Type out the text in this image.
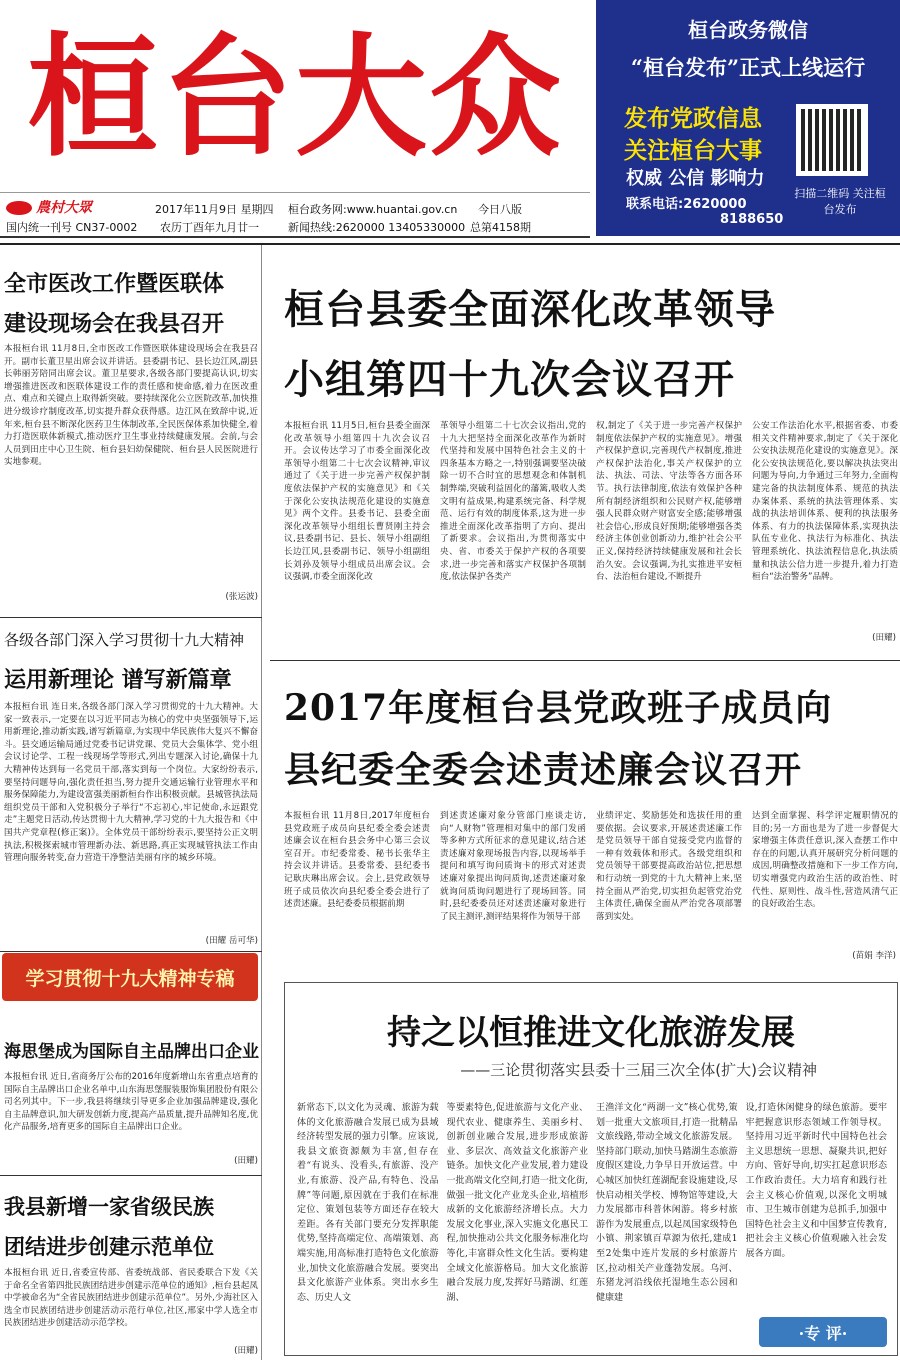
桓台大众
農村大眾
国内统一刊号 CN37-0002
2017年11月9日 星期四
农历丁酉年九月廿一
桓台政务网:www.huantai.gov.cn
新闻热线:2620000 13405330000
今日八版
总第4158期
桓台政务微信
“桓台发布”正式上线运行
发布党政信息
关注桓台大事
权威 公信 影响力
联系电话:2620000
8188650
扫描二维码 关注桓台发布
全市医改工作暨医联体
建设现场会在我县召开
本报桓台讯 11月8日,全市医改工作暨医联体建设现场会在我县召开。副市长董卫星出席会议并讲话。县委副书记、县长边江风,副县长韩丽芳陪同出席会议。董卫星要求,各级各部门要提高认识,切实增强推进医改和医联体建设工作的责任感和使命感,着力在医改重点、难点和关键点上取得新突破。要持续深化公立医院改革,加快推进分级诊疗制度改革,切实提升群众获得感。边江风在致辞中说,近年来,桓台县不断深化医药卫生体制改革,全民医保体系加快健全,着力打造医联体新模式,推动医疗卫生事业持续健康发展。会前,与会人员到田庄中心卫生院、桓台县妇幼保健院、桓台县人民医院进行实地参观。
(张运波)
各级各部门深入学习贯彻十九大精神
运用新理论 谱写新篇章
本报桓台讯 连日来,各级各部门深入学习贯彻党的十九大精神。大家一致表示,一定要在以习近平同志为核心的党中央坚强领导下,运用新理论,推动新实践,谱写新篇章,为实现中华民族伟大复兴不懈奋斗。县交通运输局通过党委书记讲党课、党员大会集体学、党小组会议讨论学、工程一线现场学等形式,列出专题深入讨论,确保十九大精神传达到每一名党员干部,落实到每一个岗位。大家纷纷表示,要坚持问题导向,强化责任担当,努力提升交通运输行业管理水平和服务保障能力,为建设富强美丽新桓台作出积极贡献。县城管执法局组织党员干部和入党积极分子举行“不忘初心,牢记使命,永远跟党走”主题党日活动,传达贯彻十九大精神,学习党的十九大报告和《中国共产党章程(修正案)》。全体党员干部纷纷表示,要坚持公正文明执法,积极探索城市管理新办法、新思路,真正实现城管执法工作由管理向服务转变,奋力营造干净整洁美丽有序的城乡环境。
(田耀 岳可华)
海思堡成为国际自主品牌出口企业
本报桓台讯 近日,省商务厅公布的2016年度新增山东省重点培育的国际自主品牌出口企业名单中,山东海思堡服装服饰集团股份有限公司名列其中。下一步,我县将继续引导更多企业加强品牌建设,强化自主品牌意识,加大研发创新力度,提高产品质量,提升品牌知名度,优化产品服务,培育更多的国际自主品牌出口企业。
(田耀)
我县新增一家省级民族
团结进步创建示范单位
本报桓台讯 近日,省委宣传部、省委统战部、省民委联合下发《关于命名全省第四批民族团结进步创建示范单位的通知》,桓台县起凤中学被命名为“全省民族团结进步创建示范单位”。另外,少海社区入选全市民族团结进步创建活动示范行单位,社区,邢家中学人选全市民族团结进步创建活动示范学校。
(田耀)
学习贯彻十九大精神专稿
桓台县委全面深化改革领导
小组第四十九次会议召开
本报桓台讯 11月5日,桓台县委全面深化改革领导小组第四十九次会议召开。会议传达学习了市委全面深化改革领导小组第二十七次会议精神,审议通过了《关于进一步完善产权保护制度依法保护产权的实施意见》和《关于深化公安执法规范化建设的实施意见》两个文件。县委书记、县委全面深化改革领导小组组长曹贤刚主持会议,县委副书记、县长、领导小组副组长边江风,县委副书记、领导小组副组长刘孙及领导小组成员出席会议。会议强调,市委全面深化改
革领导小组第二十七次会议指出,党的十九大把坚持全面深化改革作为新时代坚持和发展中国特色社会主义的十四条基本方略之一,特别强调要坚决破除一切不合时宜的思想观念和体制机制弊端,突破利益固化的藩篱,吸收人类文明有益成果,构建系统完备、科学规范、运行有效的制度体系,这为进一步推进全面深化改革指明了方向、提出了新要求。会议指出,为贯彻落实中央、省、市委关于保护产权的各项要求,进一步完善和落实产权保护各项制度,依法保护各类产
权,制定了《关于进一步完善产权保护制度依法保护产权的实施意见》。增强产权保护意识,完善现代产权制度,推进产权保护法治化,事关产权保护的立法、执法、司法、守法等各方面各环节。执行法律制度,依法有效保护各种所有制经济组织和公民财产权,能够增强人民群众财产财富安全感;能够增强社会信心,形成良好预期;能够增强各类经济主体创业创新动力,维护社会公平正义,保持经济持续健康发展和社会长治久安。会议强调,为扎实推进平安桓台、法治桓台建设,不断提升
公安工作法治化水平,根据省委、市委相关文件精神要求,制定了《关于深化公安执法规范化建设的实施意见》。深化公安执法规范化,要以解决执法突出问题为导向,力争通过三年努力,全面构建完备的执法制度体系、规范的执法办案体系、系统的执法管理体系、实战的执法培训体系、便利的执法服务体系、有力的执法保障体系,实现执法队伍专业化、执法行为标准化、执法管理系统化、执法流程信息化,执法质量和执法公信力进一步提升,着力打造桓台“法治警务”品牌。
(田耀)
2017年度桓台县党政班子成员向
县纪委全委会述责述廉会议召开
本报桓台讯 11月8日,2017年度桓台县党政班子成员向县纪委全委会述责述廉会议在桓台县会务中心第三会议室召开。市纪委常委、秘书长张华主持会议并讲话。县委常委、县纪委书记耿庆琳出席会议。会上,县党政领导班子成员依次向县纪委全委会进行了述责述廉。县纪委委员根据前期
到述责述廉对象分管部门座谈走访,向“人财物”管理相对集中的部门发函等多种方式所征求的意见建议,结合述责述廉对象现场报告内容,以现场举手提问和填写询问质询卡的形式对述责述廉对象提出询问质询,述责述廉对象就询问质询问题进行了现场回答。同时,县纪委委员还对述责述廉对象进行了民主测评,测评结果将作为领导干部
业绩评定、奖励惩处和选拔任用的重要依据。会议要求,开展述责述廉工作是党员领导干部自觉接受党内监督的一种有效载体和形式。各级党组织和党员领导干部要提高政治站位,把思想和行动统一到党的十九大精神上来,坚持全面从严治党,切实担负起管党治党主体责任,确保全面从严治党各项部署落到实处。
达到全面掌握、科学评定履职情况的目的;另一方面也是为了进一步督促大家增强主体责任意识,深入查摆工作中存在的问题,认真开展研究分析问题的成因,明确整改措施和下一步工作方向,切实增强党内政治生活的政治性、时代性、原则性、战斗性,营造风清气正的良好政治生态。
(苗娟 李洋)
持之以恒推进文化旅游发展
——三论贯彻落实县委十三届三次全体(扩大)会议精神
新常态下,以文化为灵魂、旅游为载体的文化旅游融合发展已成为县域经济转型发展的强力引擎。应该说,我县文旅资源颇为丰富,但存在着“有说头、没看头,有旅游、没产业,有旅游、没产品,有特色、没品牌”等问题,原因就在于我们在标准定位、策划包装等方面还存在较大差距。各有关部门要充分发挥职能优势,坚持高端定位、高端策划、高端实施,用高标准打造特色文化旅游业,加快文化旅游融合发展。要突出县文化旅游产业体系。突出水乡生态、历史人文
等要素特色,促进旅游与文化产业、现代农业、健康养生、美丽乡村、创新创业融合发展,进步形成旅游业、多层次、高效益文化旅游产业链条。加快文化产业发展,着力建设一批高端文化空间,打造一批文化街,做强一批文化产业龙头企业,培植形成新的文化旅游经济增长点。大力发展文化事业,深入实施文化惠民工程,加快推动公共文化服务标准化均等化,丰富群众性文化生活。要构建全域文化旅游格局。加大文化旅游融合发展力度,发挥好马踏湖、红莲湖、
王渔洋文化“两湖一文”核心优势,策划一批重大文旅项目,打造一批精品文旅线路,带动全域文化旅游发展。坚持部门联动,加快马踏湖生态旅游度假区建设,力争早日开放运营。中心城区加快红莲湖配套设施建设,尽快启动相关学校、博物馆等建设,大力发展都市科普休闲游。将乡村旅游作为发展重点,以起凤国家级特色小镇、荆家镇百草源为依托,建成1至2处集中连片发展的乡村旅游片区,拉动相关产业蓬勃发展。乌河、东猪龙河沿线依托湿地生态公园和健康建
设,打造休闲健身的绿色旅游。要牢牢把握意识形态领域工作领导权。坚持用习近平新时代中国特色社会主义思想统一思想、凝聚共识,把好方向、管好导向,切实扛起意识形态工作政治责任。大力培育和践行社会主义核心价值观,以深化文明城市、卫生城市创建为总抓手,加强中国特色社会主义和中国梦宣传教育,把社会主义核心价值观融入社会发展各方面。
·专 评·
